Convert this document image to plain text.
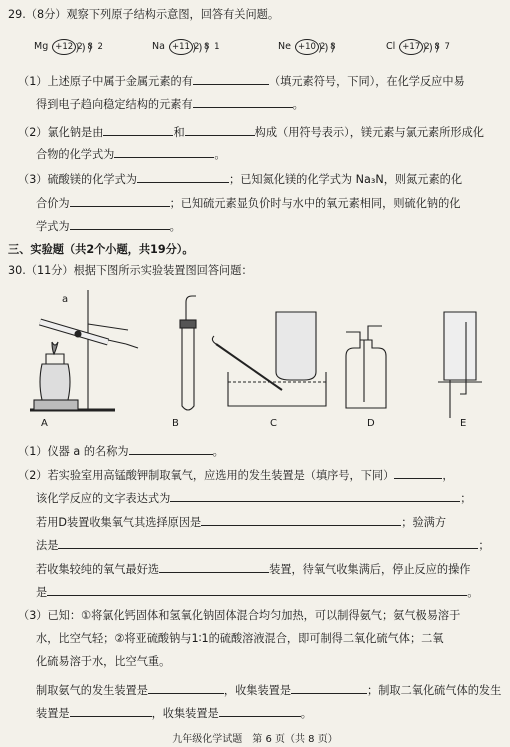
29.（8分）观察下列原子结构示意图，回答有关问题。
Mg +12 ))) 2 8 2	Na +11 ))) 2 8 1	Ne +10 ))) 2 8	Cl +17 ))) 2 8 7
（1）上述原子中属于金属元素的有	（填元素符号，下同），在化学反应中易
得到电子趋向稳定结构的元素有	。
（2）氯化钠是由	和	构成（用符号表示），镁元素与氯元素所形成化
合物的化学式为	。
（3）硫酸镁的化学式为	；已知氮化镁的化学式为 Na₃N，则氮元素的化
合价为	；已知硫元素显负价时与水中的氧元素相同，则硫化钠的化
学式为	。
三、实验题（共2个小题，共19分）。
30.（11分）根据下图所示实验装置图回答问题：
a
A	B	C	D	E
（1）仪器 a 的名称为	。
（2）若实验室用高锰酸钾制取氧气，应选用的发生装置是（填序号，下同）	，
该化学反应的文字表达式为	；
若用D装置收集氧气其选择原因是	；验满方
法是	；
若收集较纯的氧气最好选	装置，待氧气收集满后，停止反应的操作
是	。
（3）已知：①将氯化钙固体和氢氧化钠固体混合均匀加热，可以制得氨气；氨气极易溶于
水，比空气轻；②将亚硫酸钠与1∶1的硫酸溶液混合，即可制得二氧化硫气体；二氧
化硫易溶于水，比空气重。
制取氨气的发生装置是	，收集装置是	；制取二氧化硫气体的发生
装置是	，收集装置是	。
九年级化学试题　第 6 页（共 8 页）
